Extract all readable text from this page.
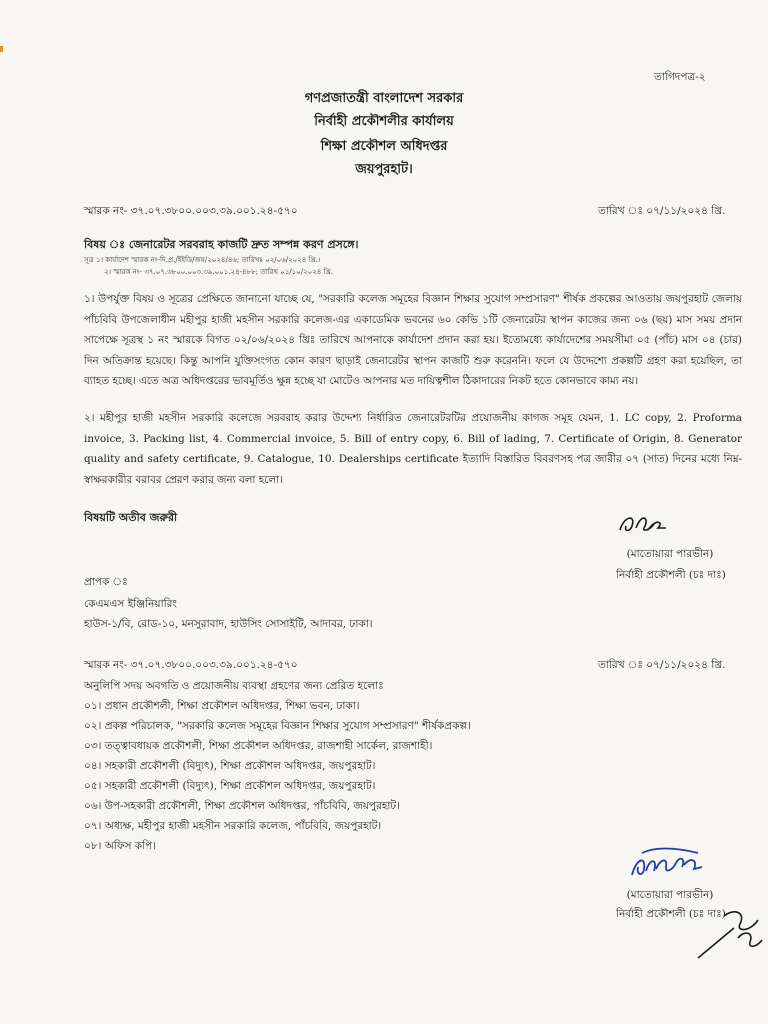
তাগিদপত্র-২
গণপ্রজাতন্ত্রী বাংলাদেশ সরকার
নির্বাহী প্রকৌশলীর কার্যালয়
শিক্ষা প্রকৌশল অধিদপ্তর
জয়পুরহাট।
স্মারক নং- ৩৭.০৭.৩৮০০.০০৩.৩৯.০০১.২৪-৫৭০	তারিখ ঃ ০৭/১১/২০২৪ খ্রি.
বিষয় ঃ জেনারেটর সরবরাহ কাজটি দ্রুত সম্পন্ন করণ প্রসঙ্গে।
সূত্র ১। কার্যাদেশ স্মারক নং-দি.প্র./ইইডি/জয়/২০২৪/৪৬; তারিখঃ ০২/০৬/২০২৪ খ্রি.।
২। স্মারক নং- ৩৭.০৭.৩৮০০.০০৩.৩৯.০০১.২৪-৪৮৮; তারিখ ০১/১০/২০২৪ খ্রি.
১। উপর্যুক্ত বিষয় ও সূত্রের প্রেক্ষিতে জানানো যাচ্ছে যে, "সরকারি কলেজ সমূহের বিজ্ঞান শিক্ষার সুযোগ সম্প্রসারণ" শীর্ষক প্রকল্পের আওতায় জয়পুরহাট জেলায় পাঁচবিবি উপজেলাধীন মহীপুর হাজী মহসীন সরকারি কলেজ-এর একাডেমিক ভবনের ৬০ কেভি ১টি জেনারেটর স্থাপন কাজের জন্য ০৬ (ছয়) মাস সময় প্রদান সাপেক্ষে সূত্রস্থ ১ নং স্মারকে বিগত ০২/০৬/২০২৪ খ্রিঃ তারিখে আপনাকে কার্যাদেশ প্রদান করা হয়। ইতোমধ্যে কার্যাদেশের সময়সীমা ০৫ (পাঁচ) মাস ০৪ (চার) দিন অতিক্রান্ত হয়েছে। কিন্তু আপনি যুক্তিসংগত কোন কারণ ছাড়াই জেনারেটর স্থাপন কাজটি শুরু করেননি। ফলে যে উদ্দেশ্যে প্রকল্পটি গ্রহণ করা হয়েছিল, তা ব্যাহত হচ্ছে। এতে অত্র অধিদপ্তরের ভাবমূর্তিও ক্ষুন্ন হচ্ছে যা মোটেও আপনার মত দায়িত্বশীল ঠিকাদারের নিকট হতে কোনভাবে কাম্য নয়।
২। মহীপুর হাজী মহসীন সরকারি কলেজে সরবরাহ করার উদ্দেশ্য নির্ধারিত জেনারেটরটির প্রয়োজনীয় কাগজ সমূহ যেমন, 1. LC copy, 2. Proforma invoice, 3. Packing list, 4. Commercial invoice, 5. Bill of entry copy, 6. Bill of lading, 7. Certificate of Origin, 8. Generator quality and safety certificate, 9. Catalogue, 10. Dealerships certificate ইত্যাদি বিস্তারিত বিবরণসহ পত্র জারীর ০৭ (সাত) দিনের মধ্যে নিম্ন-স্বাক্ষরকারীর বরাবর প্রেরণ করার জন্য বলা হলো।
বিষয়টি অতীব জরুরী
(মাতোয়ারা পারভীন)
নির্বাহী প্রকৌশলী (চঃ দাঃ)
প্রাপক ঃ
কেএমএস ইঞ্জিনিয়ারিং
হাউস-১/বি, রোড-১০, মনসুরাবাদ, হাউসিং সোসাইটি, আদাবর, ঢাকা।
স্মারক নং- ৩৭.০৭.৩৮০০.০০৩.৩৯.০০১.২৪-৫৭০	তারিখ ঃ ০৭/১১/২০২৪ খ্রি.
অনুলিপি সদয় অবগতি ও প্রয়োজনীয় ব্যবস্থা গ্রহণের জন্য প্রেরিত হলোঃ
০১। প্রধান প্রকৌশলী, শিক্ষা প্রকৌশল অধিদপ্তর, শিক্ষা ভবন, ঢাকা।
০২। প্রকল্প পরিচালক, "সরকারি কলেজ সমূহের বিজ্ঞান শিক্ষার সুযোগ সম্প্রসারণ" শীর্ষকপ্রকল্প।
০৩। তত্ত্বাবধায়ক প্রকৌশলী, শিক্ষা প্রকৌশল অধিদপ্তর, রাজশাহী সার্কেল, রাজশাহী।
০৪। সহকারী প্রকৌশলী (বিদ্যুৎ), শিক্ষা প্রকৌশল অধিদপ্তর, জয়পুরহাট।
০৫। সহকারী প্রকৌশলী (বিদ্যুৎ), শিক্ষা প্রকৌশল অধিদপ্তর, জয়পুরহাট।
০৬। উপ-সহকারী প্রকৌশলী, শিক্ষা প্রকৌশল অধিদপ্তর, পাঁচবিবি, জয়পুরহাট।
০৭। অধ্যক্ষ, মহীপুর হাজী মহসীন সরকারি কলেজ, পাঁচবিবি, জয়পুরহাট।
০৮। অফিস কপি।
(মাতোয়ারা পারভীন)
নির্বাহী প্রকৌশলী (চঃ দাঃ)
